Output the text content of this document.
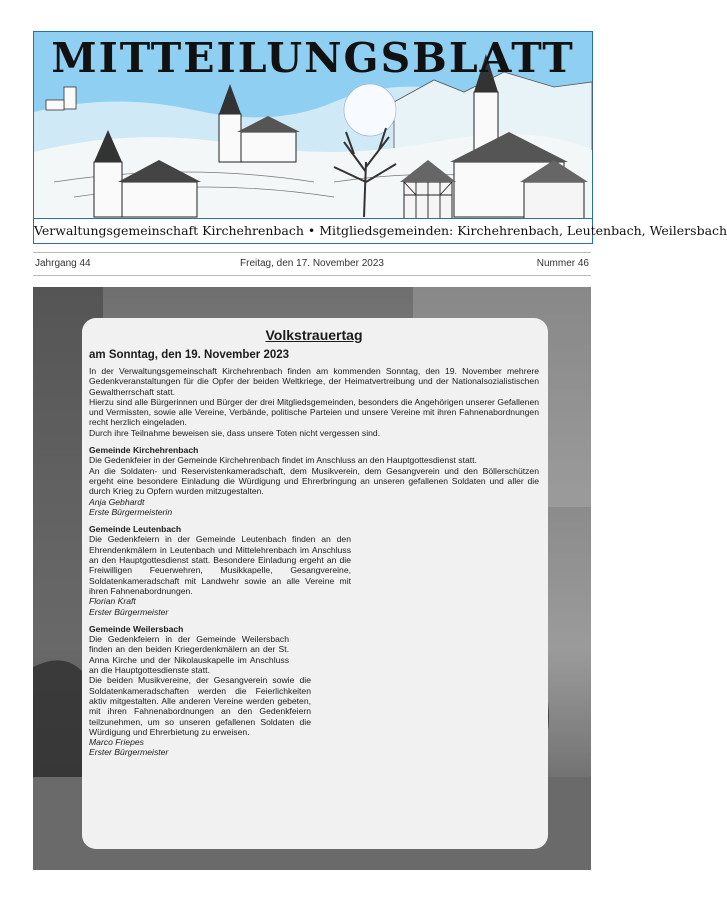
MITTEILUNGSBLATT
Verwaltungsgemeinschaft Kirchehrenbach • Mitgliedsgemeinden: Kirchehrenbach, Leutenbach, Weilersbach
Freitag, den 17. November 2023
Jahrgang 44	Nummer 46

Volkstrauertag

am Sonntag, den 19. November 2023

In der Verwaltungsgemeinschaft Kirchehrenbach finden am kommenden Sonntag, den 19. November mehrere Gedenkveranstaltungen für die Opfer der beiden Weltkriege, der Heimatvertreibung und der Nationalsozialistischen Gewaltherrschaft statt.

Hierzu sind alle Bürgerinnen und Bürger der drei Mitgliedsgemeinden, besonders die Angehörigen unserer Gefallenen und Vermissten, sowie alle Vereine, Verbände, politische Parteien und unsere Vereine mit ihren Fahnenabordnungen recht herzlich eingeladen.

Durch ihre Teilnahme beweisen sie, dass unsere Toten nicht vergessen sind.

Gemeinde Kirchehrenbach

Die Gedenkfeier in der Gemeinde Kirchehrenbach findet im Anschluss an den Hauptgottesdienst statt.

An die Soldaten- und Reservistenkameradschaft, dem Musikverein, dem Gesangverein und den Böllerschützen ergeht eine besondere Einladung die Würdigung und Ehrerbringung an unseren gefallenen Soldaten und aller die durch Krieg zu Opfern wurden mitzugestalten.

Anja Gebhardt

Erste Bürgermeisterin

Gemeinde Leutenbach

Die Gedenkfeiern in der Gemeinde Leutenbach finden an den Ehrendenkmälern in Leutenbach und Mittelehrenbach im Anschluss an den Hauptgottesdienst statt. Besondere Einladung ergeht an die Freiwilligen Feuerwehren, Musikkapelle, Gesangvereine, Soldatenkameradschaft mit Landwehr sowie an alle Vereine mit ihren Fahnenabordnungen.

Florian Kraft

Erster Bürgermeister

Gemeinde Weilersbach

Die Gedenkfeiern in der Gemeinde Weilersbach finden an den beiden Kriegerdenkmälern an der St. Anna Kirche und der Nikolauskapelle im Anschluss an die Hauptgottesdienste statt.

Die beiden Musikvereine, der Gesangverein sowie die Soldatenkameradschaften werden die Feierlichkeiten aktiv mitgestalten. Alle anderen Vereine werden gebeten, mit ihren Fahnenabordnungen an den Gedenkfeiern teilzunehmen, um so unseren gefallenen Soldaten die Würdigung und Ehrerbietung zu erweisen.

Marco Friepes

Erster Bürgermeister
